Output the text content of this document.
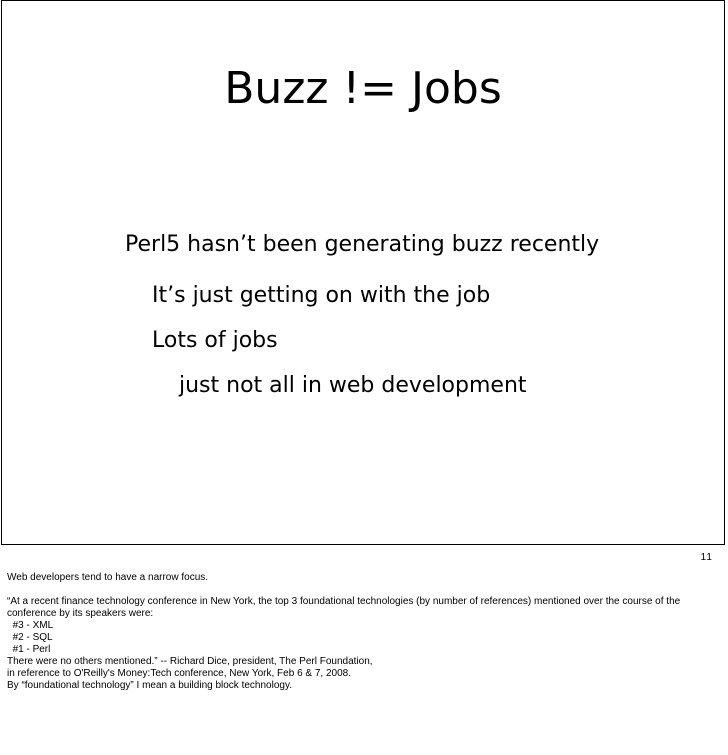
Buzz != Jobs
Perl5 hasn’t been generating buzz recently
It’s just getting on with the job
Lots of jobs
just not all in web development
11

Web developers tend to have a narrow focus.

“At a recent finance technology conference in New York, the top 3 foundational technologies (by number of references) mentioned over the course of the conference by its speakers were:

#3 - XML

#2 - SQL

#1 - Perl

There were no others mentioned.” -- Richard Dice, president, The Perl Foundation,

in reference to O'Reilly's Money:Tech conference, New York, Feb 6 & 7, 2008.

By “foundational technology” I mean a building block technology.
